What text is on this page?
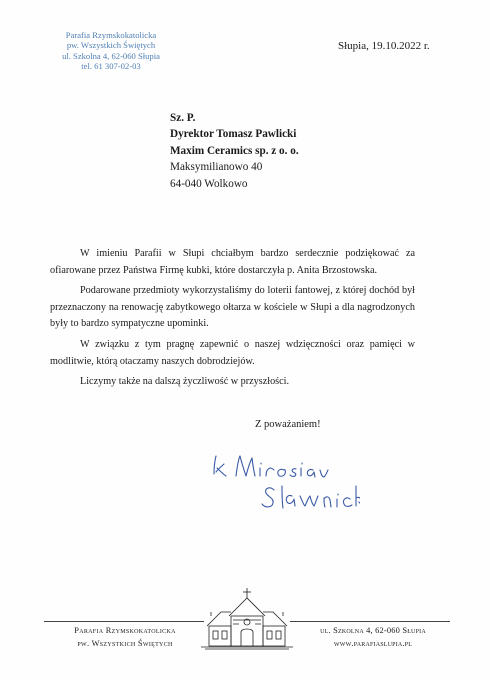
Parafia Rzymskokatolicka
pw. Wszystkich Świętych
ul. Szkolna 4, 62-060 Słupia
tel. 61 307-02-03
Słupia, 19.10.2022 r.
Sz. P.
Dyrektor Tomasz Pawlicki
Maxim Ceramics sp. z o. o.
Maksymilianowo 40
64-040 Wolkowo

W imieniu Parafii w Słupi chciałbym bardzo serdecznie podziękować za ofiarowane przez Państwa Firmę kubki, które dostarczyła p. Anita Brzostowska.

Podarowane przedmioty wykorzystaliśmy do loterii fantowej, z której dochód był przeznaczony na renowację zabytkowego ołtarza w kościele w Słupi a dla nagrodzonych były to bardzo sympatyczne upominki.

W związku z tym pragnę zapewnić o naszej wdzięczności oraz pamięci w modlitwie, którą otaczamy naszych dobrodziejów.

Liczymy także na dalszą życzliwość w przyszłości.

Z poważaniem!
Parafia Rzymskokatolicka
pw. Wszystkich Świętych
ul. Szkolna 4, 62-060 Słupia
www.parafiaslupia.pl
